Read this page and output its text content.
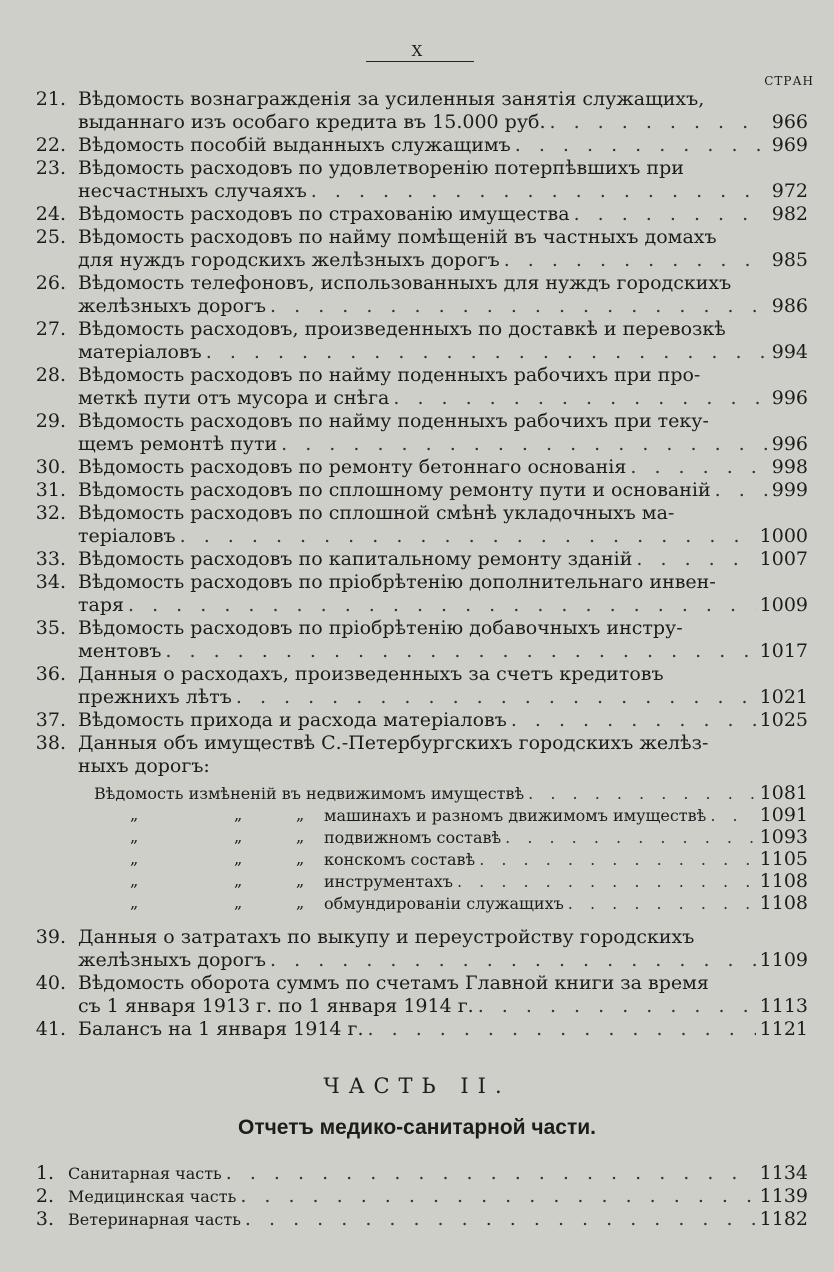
X
СТРАН
21. Вѣдомость вознагражденія за усиленныя занятія служащихъ,
выданнаго изъ особаго кредита въ 15.000 руб. . . .	966
22. Вѣдомость пособій выданныхъ служащимъ . . .	969
23. Вѣдомость расходовъ по удовлетворенію потерпѣвшихъ при
несчастныхъ случаяхъ . . .	972
24. Вѣдомость расходовъ по страхованію имущества . . .	982
25. Вѣдомость расходовъ по найму помѣщеній въ частныхъ домахъ
для нуждъ городскихъ желѣзныхъ дорогъ . . .	985
26. Вѣдомость телефоновъ, использованныхъ для нуждъ городскихъ
желѣзныхъ дорогъ . . .	986
27. Вѣдомость расходовъ, произведенныхъ по доставкѣ и перевозкѣ
матеріаловъ . . .	994
28. Вѣдомость расходовъ по найму поденныхъ рабочихъ при про-
меткѣ пути отъ мусора и снѣга . . .	996
29. Вѣдомость расходовъ по найму поденныхъ рабочихъ при теку-
щемъ ремонтѣ пути . . .	996
30. Вѣдомость расходовъ по ремонту бетоннаго основанія . . .	998
31. Вѣдомость расходовъ по сплошному ремонту пути и основаній . . .	999
32. Вѣдомость расходовъ по сплошной смѣнѣ укладочныхъ ма-
теріаловъ . . .	1000
33. Вѣдомость расходовъ по капитальному ремонту зданій . . .	1007
34. Вѣдомость расходовъ по пріобрѣтенію дополнительнаго инвен-
таря . . .	1009
35. Вѣдомость расходовъ по пріобрѣтенію добавочныхъ инстру-
ментовъ . . .	1017
36. Данныя о расходахъ, произведенныхъ за счетъ кредитовъ
прежнихъ лѣтъ . . .	1021
37. Вѣдомость прихода и расхода матеріаловъ . . .	1025
38. Данныя объ имуществѣ С.-Петербургскихъ городскихъ желѣз-
ныхъ дорогъ:
Вѣдомость измѣненій въ недвижимомъ имуществѣ . . .	1081
„	„	„ машинахъ и разномъ движимомъ имуществѣ . . .	1091
„	„	„ подвижномъ составѣ . . .	1093
„	„	„ конскомъ составѣ . . .	1105
„	„	„ инструментахъ . . .	1108
„	„	„ обмундированіи служащихъ . . .	1108
39. Данныя о затратахъ по выкупу и переустройству городскихъ
желѣзныхъ дорогъ . . .	1109
40. Вѣдомость оборота суммъ по счетамъ Главной книги за время
съ 1 января 1913 г. по 1 января 1914 г. . . .	1113
41. Балансъ на 1 января 1914 г. . . .	1121
1. Санитарная часть . . .	1134
2. Медицинская часть . . .	1139
3. Ветеринарная часть . . .	1182
ЧАСТЬ II.
Отчетъ медико-санитарной части.
